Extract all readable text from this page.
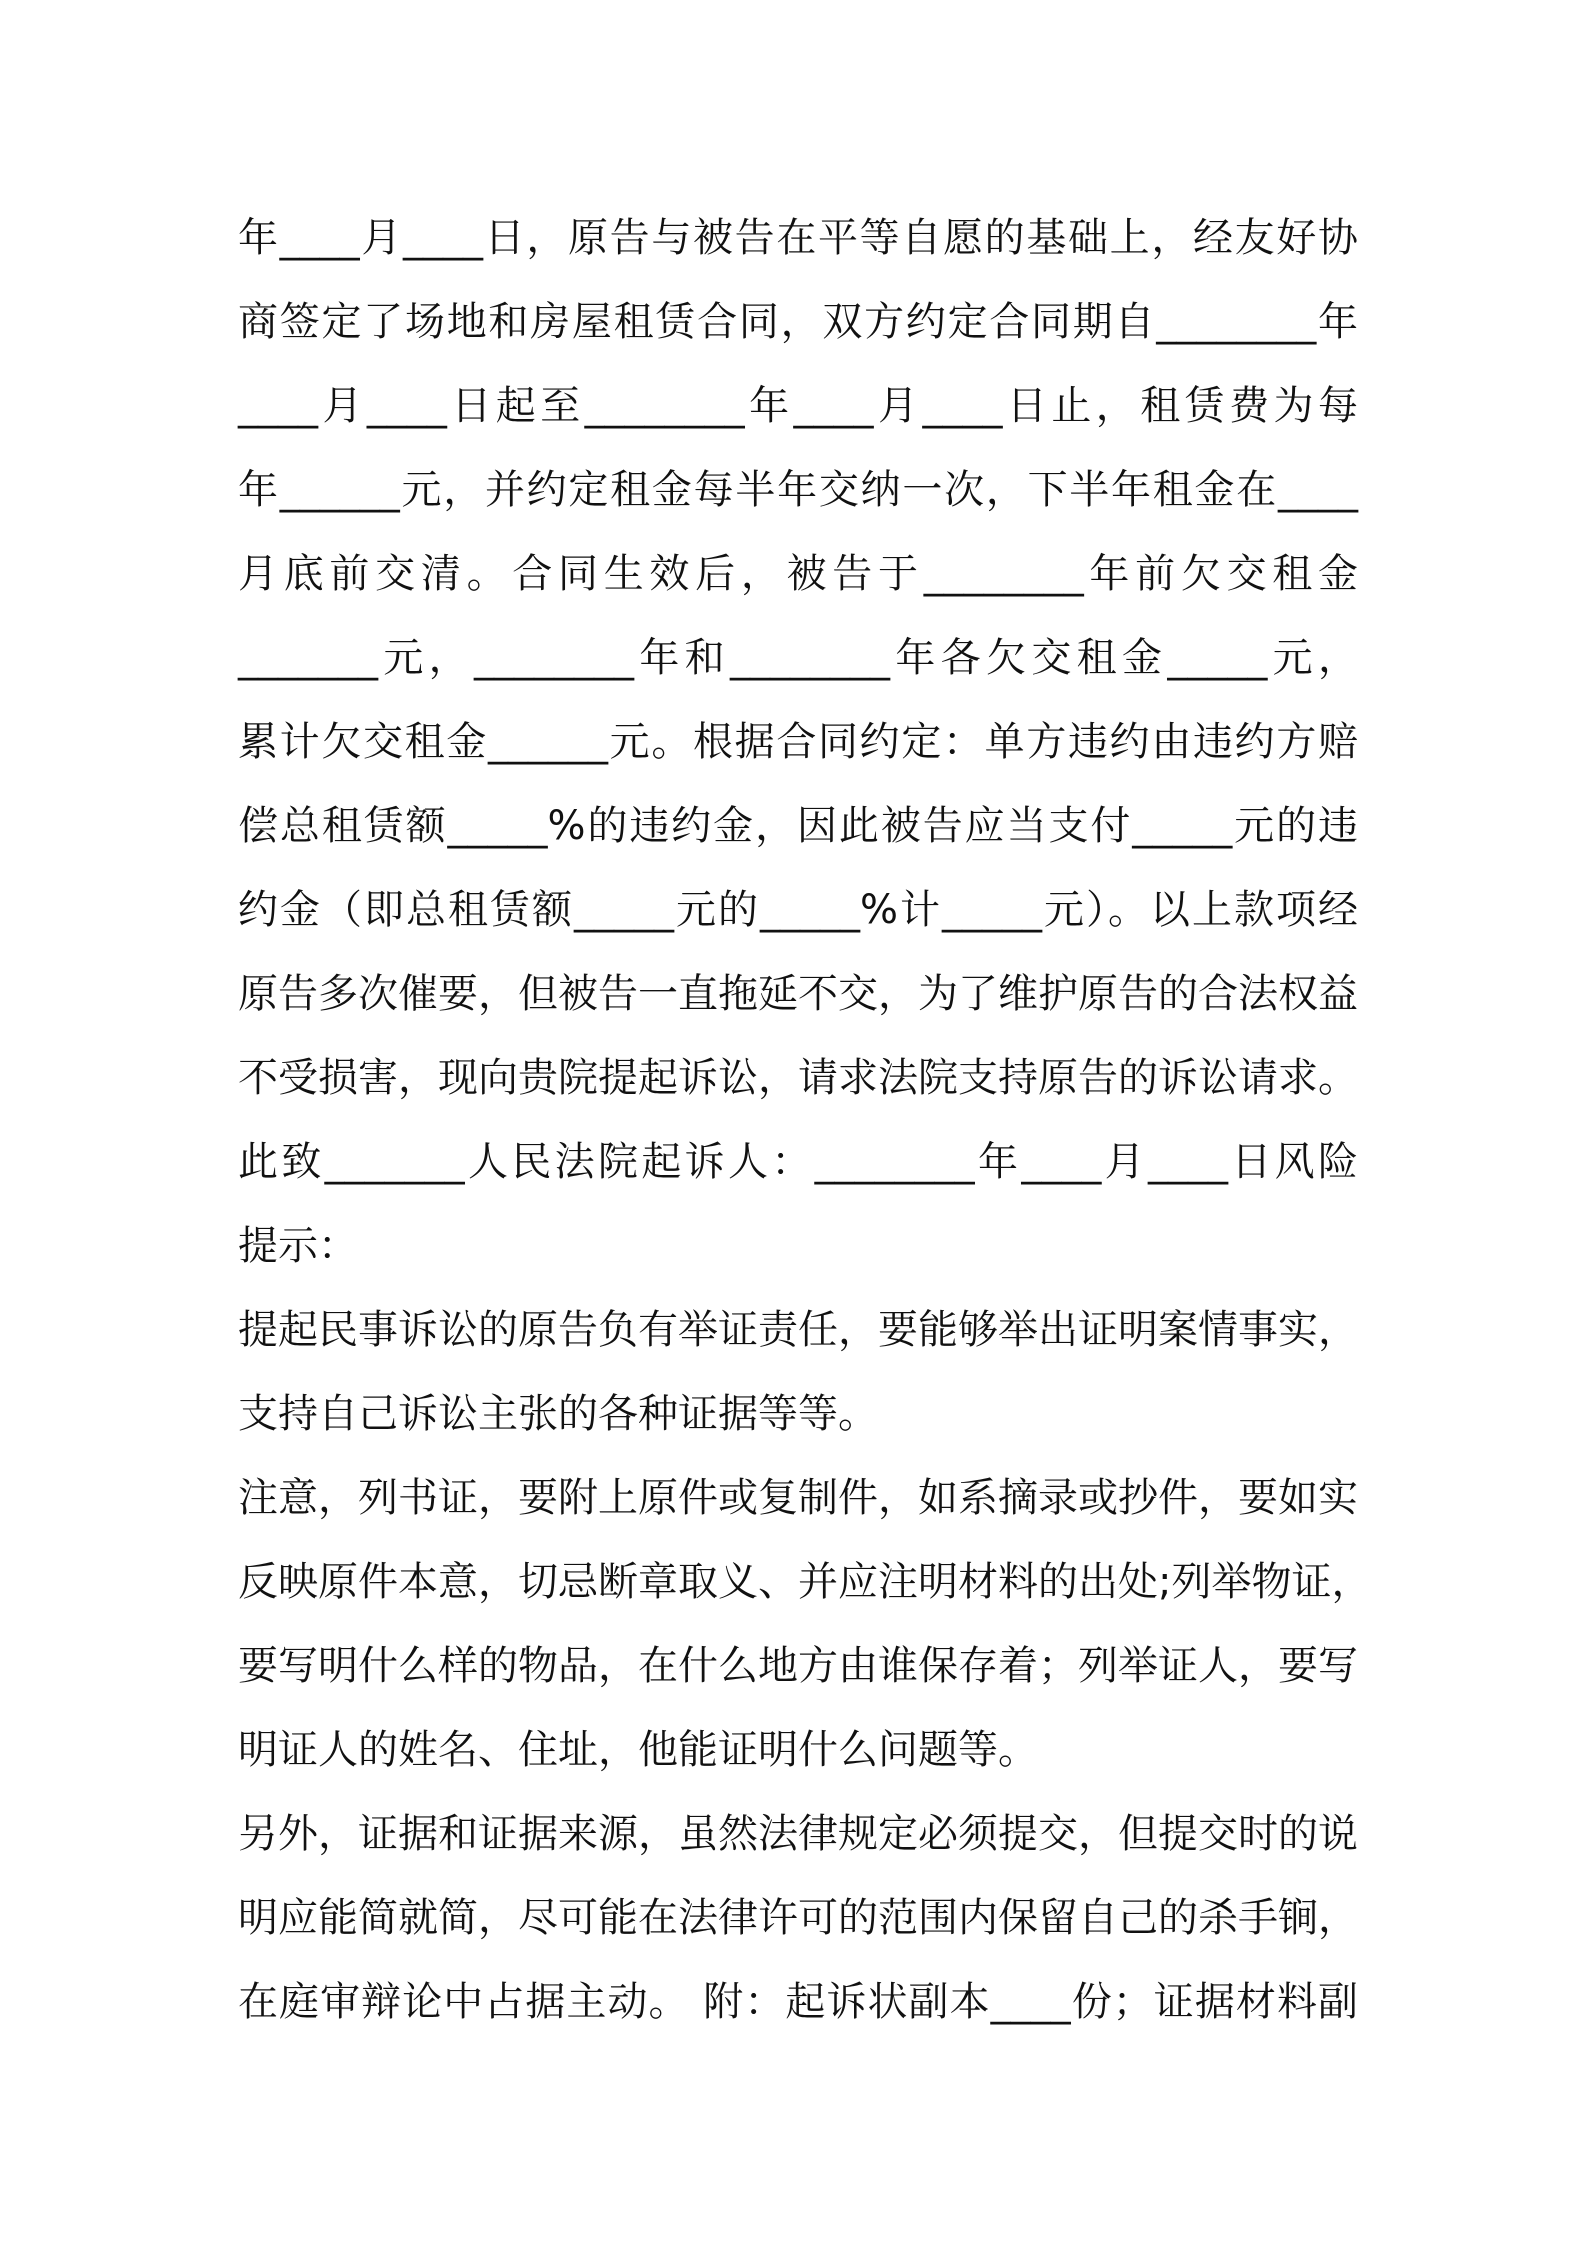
年____月____日，原告与被告在平等自愿的基础上，经友好协
商签定了场地和房屋租赁合同，双方约定合同期自________年
____月____日起至________年____月____日止，租赁费为每
年______元，并约定租金每半年交纳一次，下半年租金在____
月底前交清。合同生效后，被告于________年前欠交租金
_______元，________年和________年各欠交租金_____元，
累计欠交租金______元。根据合同约定：单方违约由违约方赔
偿总租赁额_____%的违约金，因此被告应当支付_____元的违
约金（即总租赁额_____元的_____%计_____元）。以上款项经
原告多次催要，但被告一直拖延不交，为了维护原告的合法权益
不受损害，现向贵院提起诉讼，请求法院支持原告的诉讼请求。
此致_______人民法院起诉人：________年____月____日风险
提示：
提起民事诉讼的原告负有举证责任，要能够举出证明案情事实，
支持自己诉讼主张的各种证据等等。
注意，列书证，要附上原件或复制件，如系摘录或抄件，要如实
反映原件本意，切忌断章取义、并应注明材料的出处;列举物证，
要写明什么样的物品，在什么地方由谁保存着；列举证人，要写
明证人的姓名、住址，他能证明什么问题等。
另外，证据和证据来源，虽然法律规定必须提交，但提交时的说
明应能简就简，尽可能在法律许可的范围内保留自己的杀手锏，
在庭审辩论中占据主动。 附：起诉状副本____份；证据材料副
